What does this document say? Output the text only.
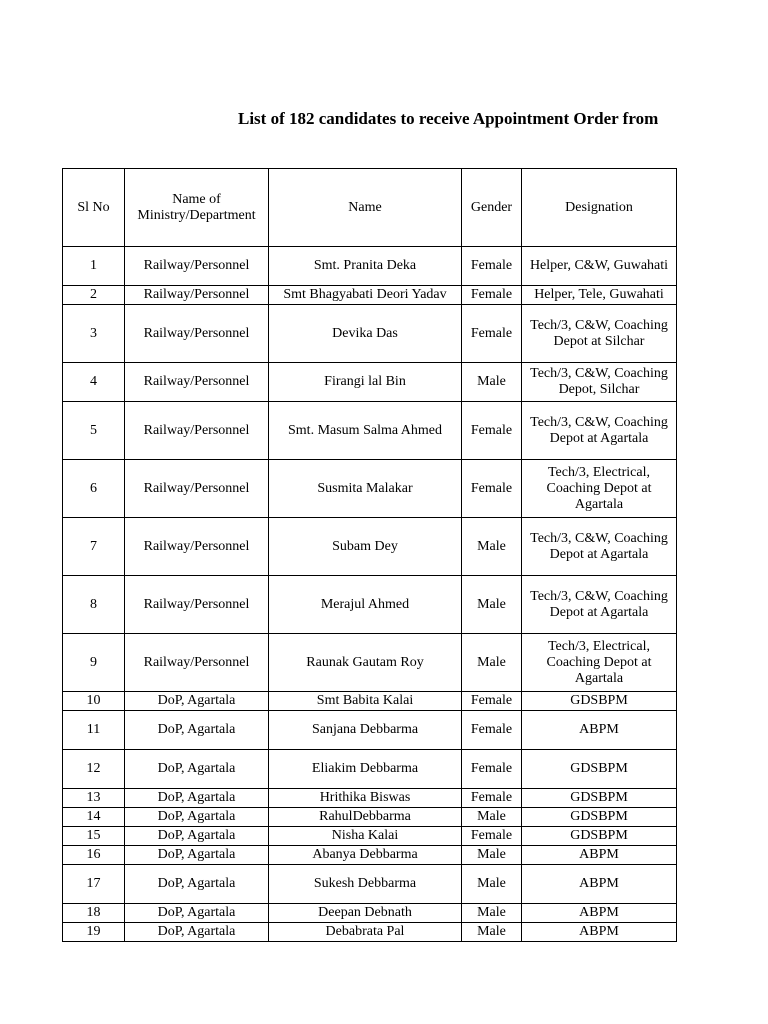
List of 182 candidates to receive Appointment Order from
Sl No	Name of Ministry/Department	Name	Gender	Designation
1	Railway/Personnel	Smt. Pranita Deka	Female	Helper, C&W, Guwahati
2	Railway/Personnel	Smt Bhagyabati Deori Yadav	Female	Helper, Tele, Guwahati
3	Railway/Personnel	Devika Das	Female	Tech/3, C&W, Coaching Depot at Silchar
4	Railway/Personnel	Firangi lal Bin	Male	Tech/3, C&W, Coaching Depot, Silchar
5	Railway/Personnel	Smt. Masum Salma Ahmed	Female	Tech/3, C&W, Coaching Depot at Agartala
6	Railway/Personnel	Susmita Malakar	Female	Tech/3, Electrical, Coaching Depot at Agartala
7	Railway/Personnel	Subam Dey	Male	Tech/3, C&W, Coaching Depot at Agartala
8	Railway/Personnel	Merajul Ahmed	Male	Tech/3, C&W, Coaching Depot at Agartala
9	Railway/Personnel	Raunak Gautam Roy	Male	Tech/3, Electrical, Coaching Depot at Agartala
10	DoP, Agartala	Smt Babita Kalai	Female	GDSBPM
11	DoP, Agartala	Sanjana Debbarma	Female	ABPM
12	DoP, Agartala	Eliakim Debbarma	Female	GDSBPM
13	DoP, Agartala	Hrithika Biswas	Female	GDSBPM
14	DoP, Agartala	RahulDebbarma	Male	GDSBPM
15	DoP, Agartala	Nisha Kalai	Female	GDSBPM
16	DoP, Agartala	Abanya Debbarma	Male	ABPM
17	DoP, Agartala	Sukesh Debbarma	Male	ABPM
18	DoP, Agartala	Deepan Debnath	Male	ABPM
19	DoP, Agartala	Debabrata Pal	Male	ABPM
